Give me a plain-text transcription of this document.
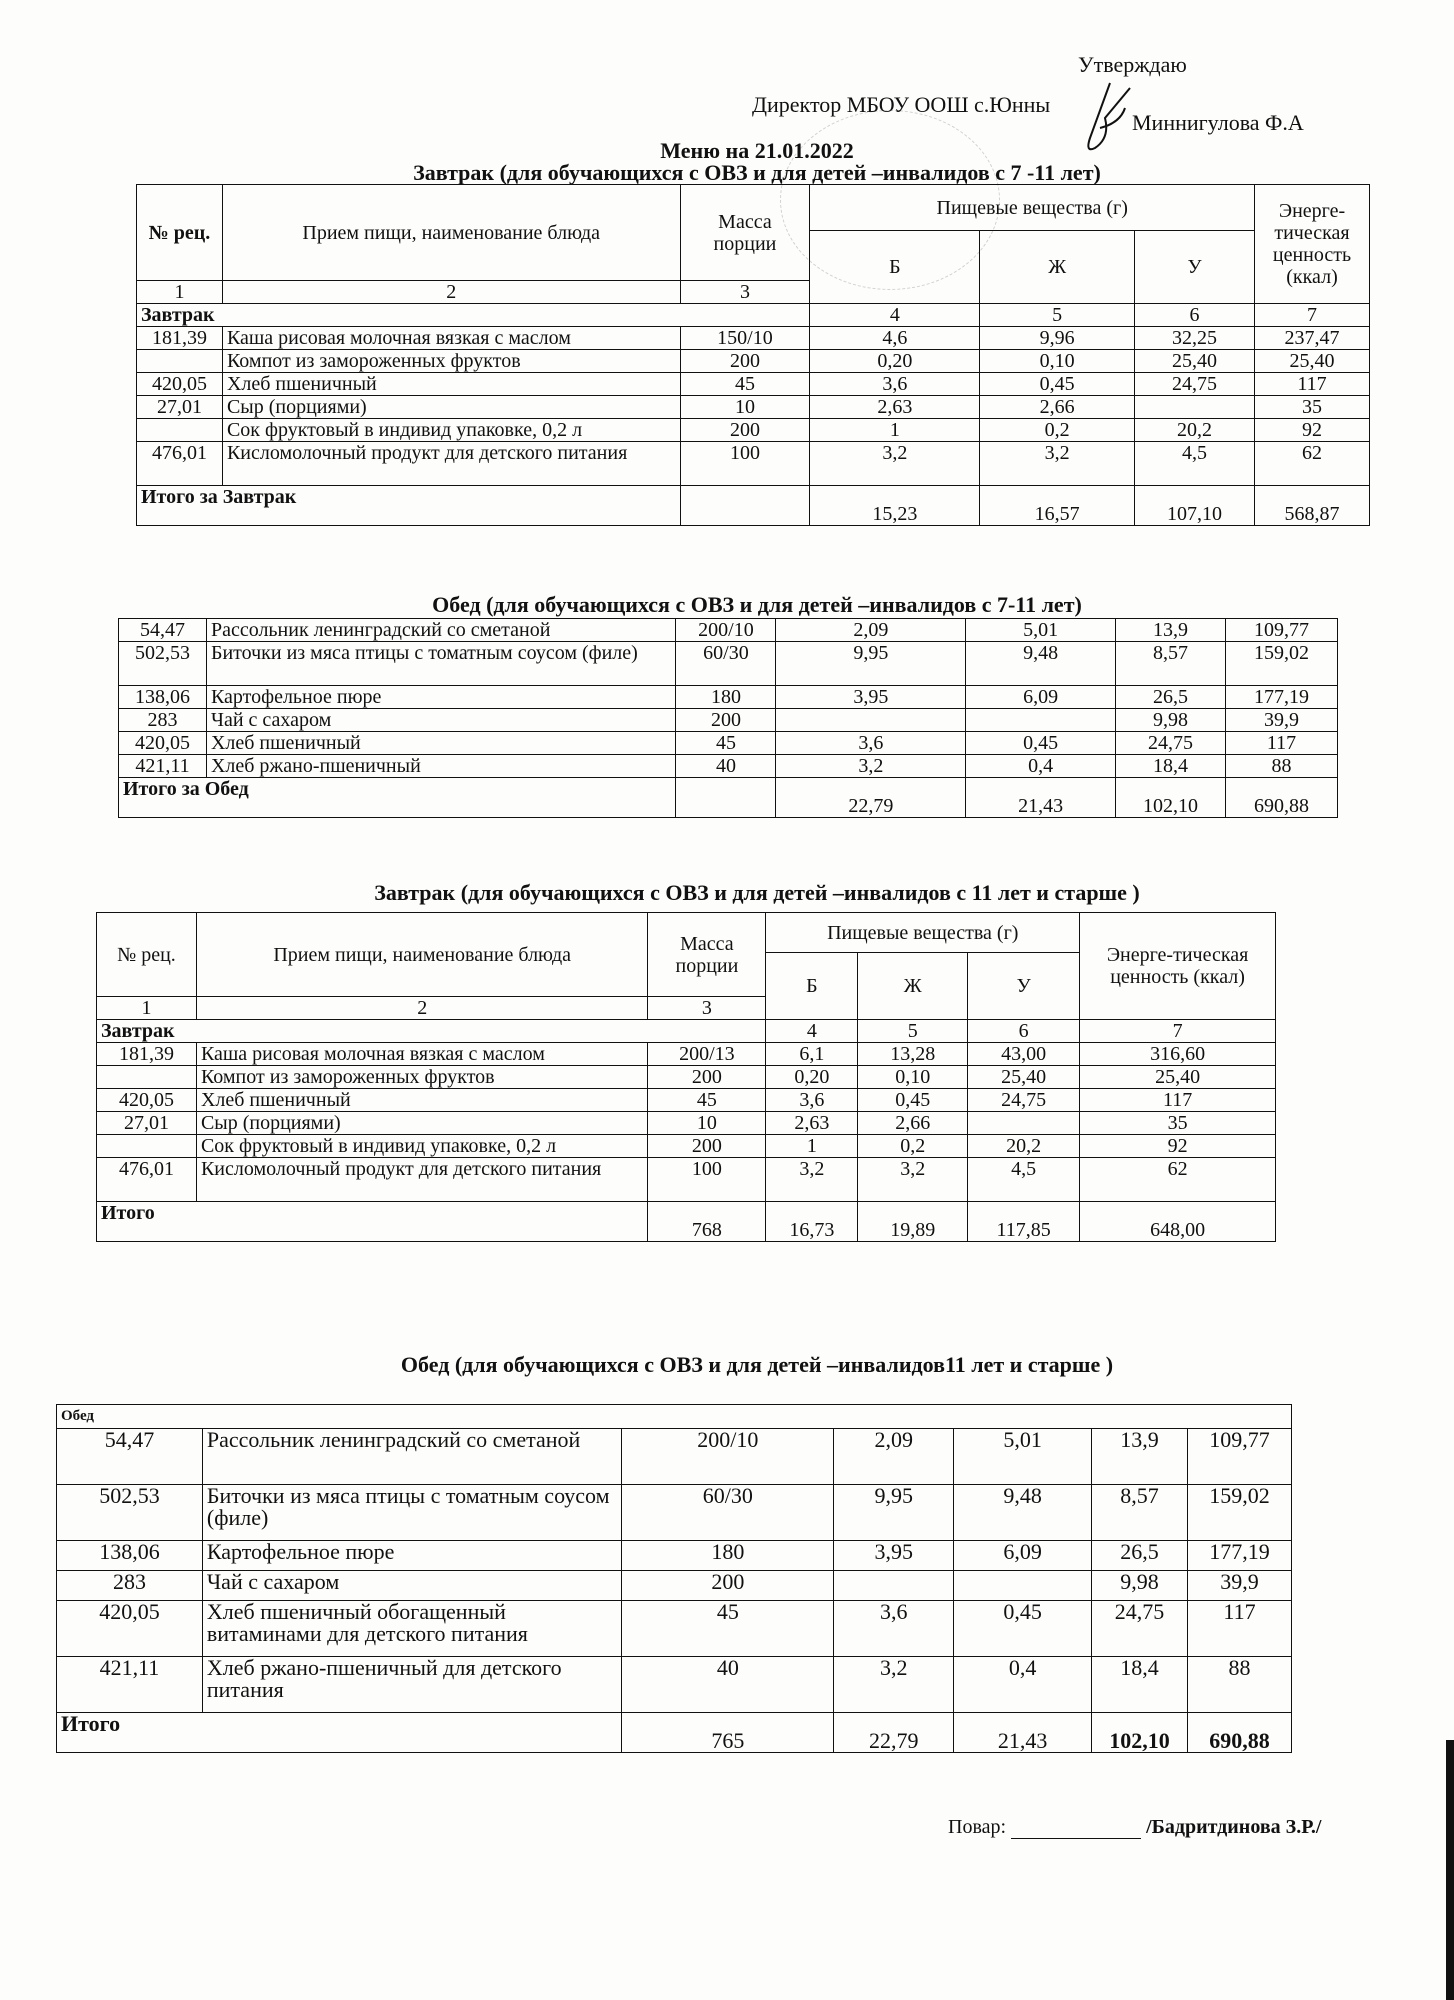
Утверждаю
Директор МБОУ ООШ с.Юнны
Миннигулова Ф.А
Меню на 21.01.2022
Завтрак (для обучающихся с ОВЗ и для детей –инвалидов с 7 -11 лет)
№ рец.	Прием пищи, наименование блюда	Масса порции	Пищевые вещества (г)			Энерге-тическая ценность (ккал)
			Б	Ж	У	
1	2	3				
Завтрак			4	5	6	7
181,39	Каша рисовая молочная вязкая с маслом	150/10	4,6	9,96	32,25	237,47
	Компот из замороженных фруктов	200	0,20	0,10	25,40	25,40
420,05	Хлеб пшеничный	45	3,6	0,45	24,75	117
27,01	Сыр (порциями)	10	2,63	2,66		35
	Сок фруктовый в индивид упаковке, 0,2 л	200	1	0,2	20,2	92
476,01	Кисломолочный продукт для детского питания	100	3,2	3,2	4,5	62
Итого за Завтрак			15,23	16,57	107,10	568,87
Обед (для обучающихся с ОВЗ и для детей –инвалидов с 7-11 лет)
54,47	Рассольник ленинградский со сметаной	200/10	2,09	5,01	13,9	109,77
502,53	Биточки из мяса птицы с томатным соусом (филе)	60/30	9,95	9,48	8,57	159,02
138,06	Картофельное пюре	180	3,95	6,09	26,5	177,19
283	Чай с сахаром	200			9,98	39,9
420,05	Хлеб пшеничный	45	3,6	0,45	24,75	117
421,11	Хлеб ржано-пшеничный	40	3,2	0,4	18,4	88
Итого за Обед			22,79	21,43	102,10	690,88
Завтрак (для обучающихся с ОВЗ и для детей –инвалидов с 11 лет и старше )
№ рец.	Прием пищи, наименование блюда	Масса порции	Пищевые вещества (г)			Энерге-тическая ценность (ккал)
			Б	Ж	У	
1	2	3				
Завтрак			4	5	6	7
181,39	Каша рисовая молочная вязкая с маслом	200/13	6,1	13,28	43,00	316,60
	Компот из замороженных фруктов	200	0,20	0,10	25,40	25,40
420,05	Хлеб пшеничный	45	3,6	0,45	24,75	117
27,01	Сыр (порциями)	10	2,63	2,66		35
	Сок фруктовый в индивид упаковке, 0,2 л	200	1	0,2	20,2	92
476,01	Кисломолочный продукт для детского питания	100	3,2	3,2	4,5	62
Итого		768	16,73	19,89	117,85	648,00
Обед (для обучающихся с ОВЗ и для детей –инвалидов11 лет и старше )
Обед						
54,47	Рассольник ленинградский со сметаной	200/10	2,09	5,01	13,9	109,77
502,53	Биточки из мяса птицы с томатным соусом (филе)	60/30	9,95	9,48	8,57	159,02
138,06	Картофельное пюре	180	3,95	6,09	26,5	177,19
283	Чай с сахаром	200			9,98	39,9
420,05	Хлеб пшеничный обогащенный витаминами для детского питания	45	3,6	0,45	24,75	117
421,11	Хлеб ржано-пшеничный для детского питания	40	3,2	0,4	18,4	88
Итого		765	22,79	21,43	102,10	690,88
Повар:	/Бадритдинова З.Р./
